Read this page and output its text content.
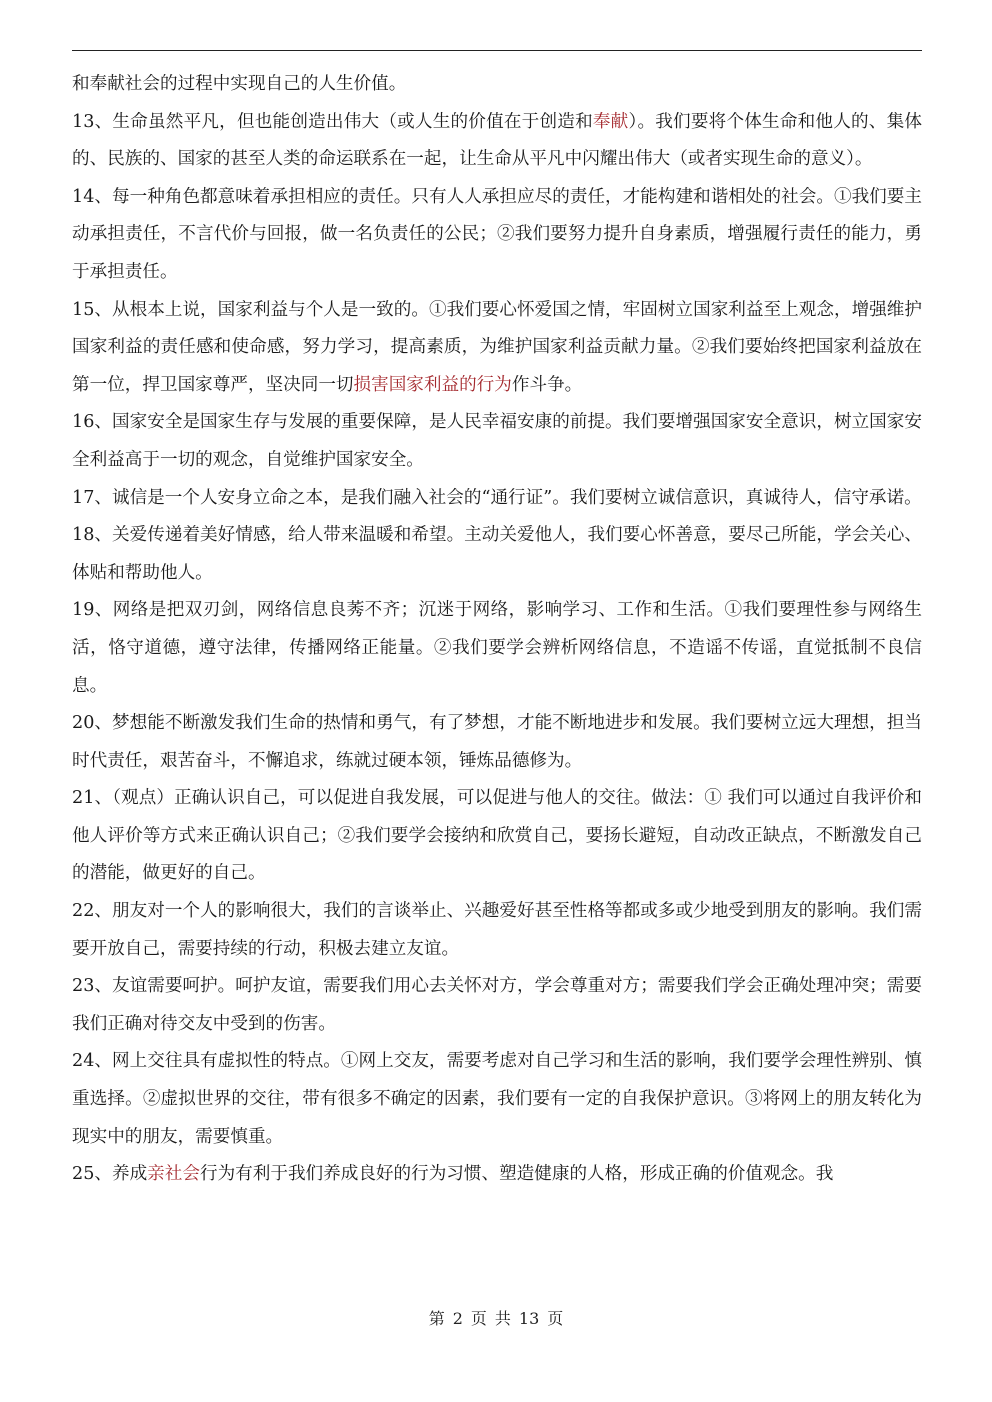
和奉献社会的过程中实现自己的人生价值。

13、生命虽然平凡，但也能创造出伟大（或人生的价值在于创造和奉献）。我们要将个体生命和他人的、集体的、民族的、国家的甚至人类的命运联系在一起，让生命从平凡中闪耀出伟大（或者实现生命的意义）。

14、每一种角色都意味着承担相应的责任。只有人人承担应尽的责任，才能构建和谐相处的社会。①我们要主动承担责任，不言代价与回报，做一名负责任的公民；②我们要努力提升自身素质，增强履行责任的能力，勇于承担责任。

15、从根本上说，国家利益与个人是一致的。①我们要心怀爱国之情，牢固树立国家利益至上观念，增强维护国家利益的责任感和使命感，努力学习，提高素质，为维护国家利益贡献力量。②我们要始终把国家利益放在第一位，捍卫国家尊严，坚决同一切损害国家利益的行为作斗争。

16、国家安全是国家生存与发展的重要保障，是人民幸福安康的前提。我们要增强国家安全意识，树立国家安全利益高于一切的观念，自觉维护国家安全。

17、诚信是一个人安身立命之本，是我们融入社会的“通行证”。我们要树立诚信意识，真诚待人，信守承诺。

18、关爱传递着美好情感，给人带来温暖和希望。主动关爱他人，我们要心怀善意，要尽己所能，学会关心、体贴和帮助他人。

19、网络是把双刃剑，网络信息良莠不齐；沉迷于网络，影响学习、工作和生活。①我们要理性参与网络生活，恪守道德，遵守法律，传播网络正能量。②我们要学会辨析网络信息，不造谣不传谣，直觉抵制不良信息。

20、梦想能不断激发我们生命的热情和勇气，有了梦想，才能不断地进步和发展。我们要树立远大理想，担当时代责任，艰苦奋斗，不懈追求，练就过硬本领，锤炼品德修为。

21、（观点）正确认识自己，可以促进自我发展，可以促进与他人的交往。做法：① 我们可以通过自我评价和他人评价等方式来正确认识自己；②我们要学会接纳和欣赏自己，要扬长避短，自动改正缺点，不断激发自己的潜能，做更好的自己。

22、朋友对一个人的影响很大，我们的言谈举止、兴趣爱好甚至性格等都或多或少地受到朋友的影响。我们需要开放自己，需要持续的行动，积极去建立友谊。

23、友谊需要呵护。呵护友谊，需要我们用心去关怀对方，学会尊重对方；需要我们学会正确处理冲突；需要我们正确对待交友中受到的伤害。

24、网上交往具有虚拟性的特点。①网上交友，需要考虑对自己学习和生活的影响，我们要学会理性辨别、慎重选择。②虚拟世界的交往，带有很多不确定的因素，我们要有一定的自我保护意识。③将网上的朋友转化为现实中的朋友，需要慎重。

25、养成亲社会行为有利于我们养成良好的行为习惯、塑造健康的人格，形成正确的价值观念。我

第 2 页 共 13 页
